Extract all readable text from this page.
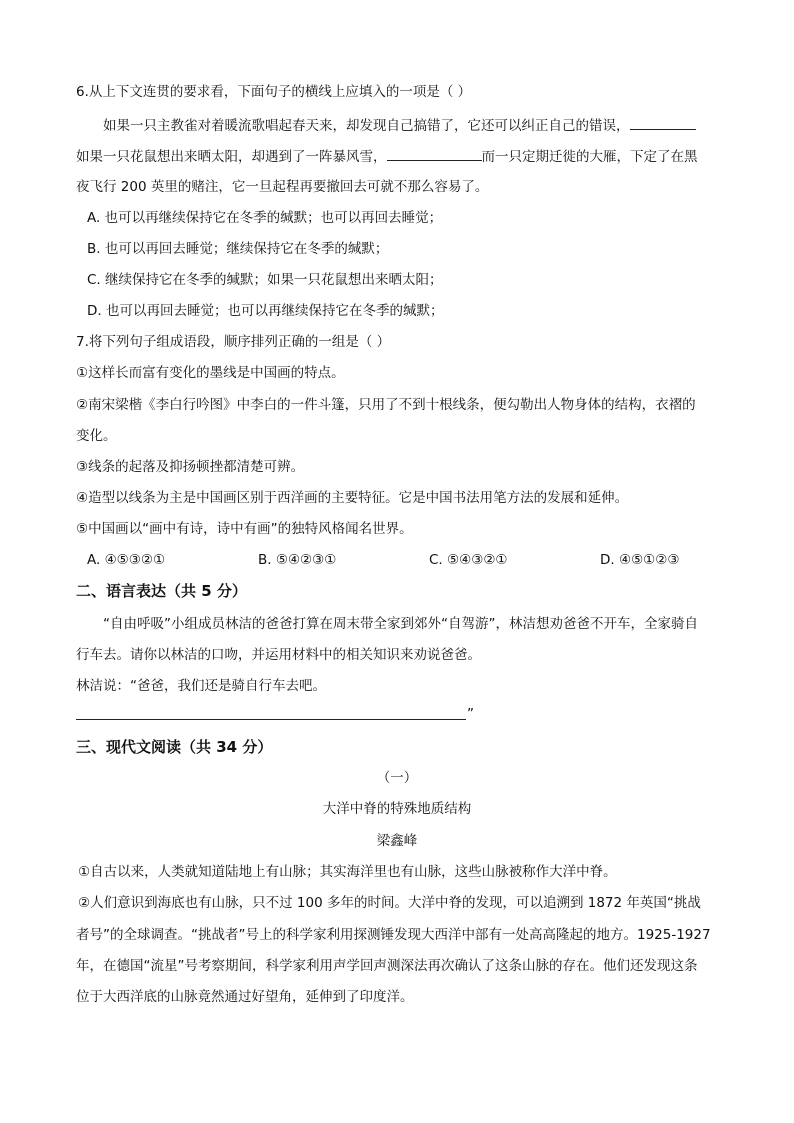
6.从上下文连贯的要求看，下面句子的横线上应填入的一项是（ ）
如果一只主教雀对着暖流歌唱起春天来，却发现自己搞错了，它还可以纠正自己的错误，
如果一只花鼠想出来晒太阳，却遇到了一阵暴风雪，	而一只定期迁徙的大雁，下定了在黑
夜飞行 200 英里的赌注，它一旦起程再要撤回去可就不那么容易了。
A. 也可以再继续保持它在冬季的缄默；也可以再回去睡觉；
B. 也可以再回去睡觉；继续保持它在冬季的缄默；
C. 继续保持它在冬季的缄默；如果一只花鼠想出来晒太阳；
D. 也可以再回去睡觉；也可以再继续保持它在冬季的缄默；
7.将下列句子组成语段，顺序排列正确的一组是（ ）
①这样长而富有变化的墨线是中国画的特点。
②南宋梁楷《李白行吟图》中李白的一件斗篷，只用了不到十根线条，便勾勒出人物身体的结构，衣褶的
变化。
③线条的起落及抑扬顿挫都清楚可辨。
④造型以线条为主是中国画区别于西洋画的主要特征。它是中国书法用笔方法的发展和延伸。
⑤中国画以“画中有诗，诗中有画”的独特风格闻名世界。
A. ④⑤③②①	B. ⑤④②③①	C. ⑤④③②①	D. ④⑤①②③
二、语言表达（共 5 分）
“自由呼吸”小组成员林洁的爸爸打算在周末带全家到郊外“自驾游”，林洁想劝爸爸不开车，全家骑自
行车去。请你以林洁的口吻，并运用材料中的相关知识来劝说爸爸。
林洁说：“爸爸，我们还是骑自行车去吧。
”
三、现代文阅读（共 34 分）
（一）
大洋中脊的特殊地质结构
梁鑫峰
①自古以来，人类就知道陆地上有山脉；其实海洋里也有山脉，这些山脉被称作大洋中脊。
②人们意识到海底也有山脉，只不过 100 多年的时间。大洋中脊的发现，可以追溯到 1872 年英国“挑战
者号”的全球调查。“挑战者”号上的科学家利用探测锤发现大西洋中部有一处高高隆起的地方。1925-1927
年，在德国“流星”号考察期间，科学家利用声学回声测深法再次确认了这条山脉的存在。他们还发现这条
位于大西洋底的山脉竟然通过好望角，延伸到了印度洋。
